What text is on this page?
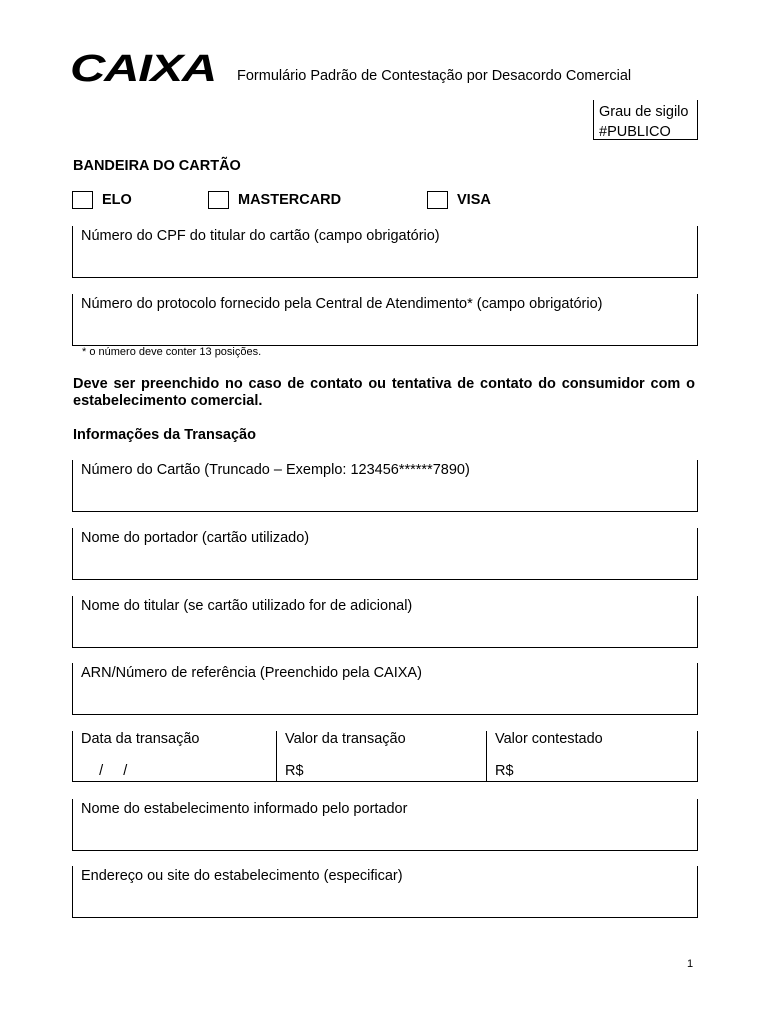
CAIXA Formulário Padrão de Contestação por Desacordo Comercial
Grau de sigilo
#PUBLICO
BANDEIRA DO CARTÃO
ELO	MASTERCARD	VISA
Número do CPF do titular do cartão (campo obrigatório)
Número do protocolo fornecido pela Central de Atendimento* (campo obrigatório)
* o número deve conter 13 posições.
Deve ser preenchido no caso de contato ou tentativa de contato do consumidor com o estabelecimento comercial.
Informações da Transação
Número do Cartão (Truncado – Exemplo: 123456******7890)
Nome do portador (cartão utilizado)
Nome do titular (se cartão utilizado for de adicional)
ARN/Número de referência (Preenchido pela CAIXA)
Data da transação
/     /
Valor da transação
R$
Valor contestado
R$
Nome do estabelecimento informado pelo portador
Endereço ou site do estabelecimento (especificar)
1
